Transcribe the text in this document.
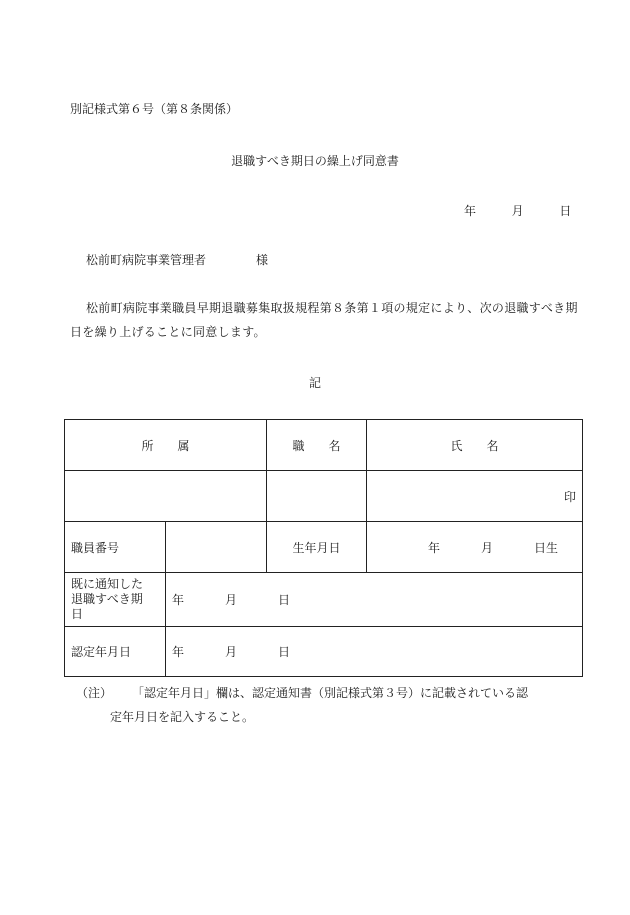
別記様式第６号（第８条関係）
退職すべき期日の繰上げ同意書
年	月	日
松前町病院事業管理者	様
松前町病院事業職員早期退職募集取扱規程第８条第１項の規定により、次の退職すべき期日を繰り上げることに同意します。
記
所　　属		職　　名	氏　　名
			印
職員番号		生年月日	年 月 日生

既に通知した
退職すべき期
日	年 月 日		
認定年月日	年 月 日		
（注） 「認定年月日」欄は、認定通知書（別記様式第３号）に記載されている認
定年月日を記入すること。
